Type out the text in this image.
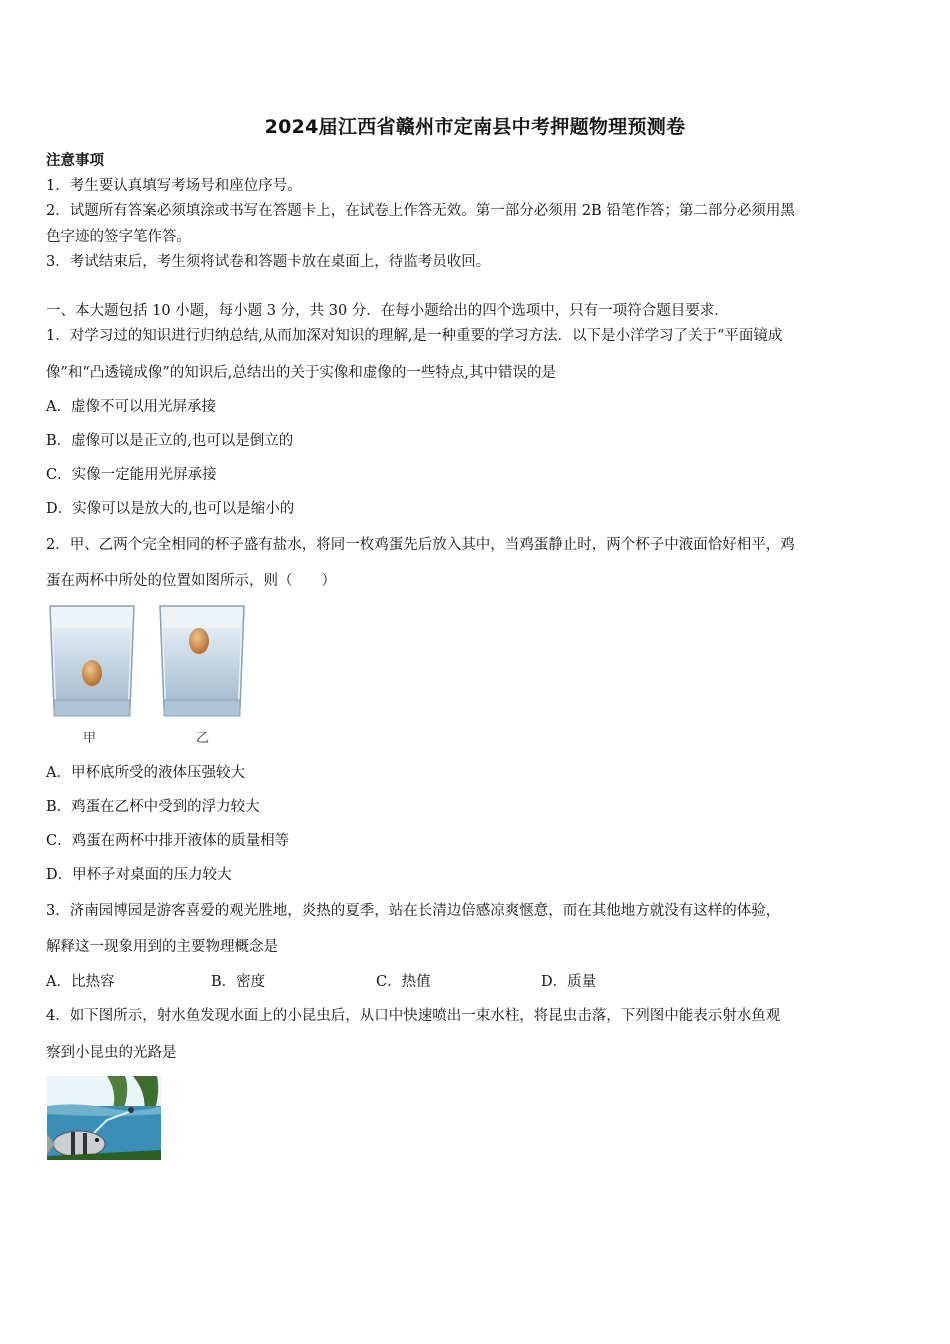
2024届江西省赣州市定南县中考押题物理预测卷
注意事项
1．考生要认真填写考场号和座位序号。
2．试题所有答案必须填涂或书写在答题卡上，在试卷上作答无效。第一部分必须用 2B 铅笔作答；第二部分必须用黑
色字迹的签字笔作答。
3．考试结束后，考生须将试卷和答题卡放在桌面上，待监考员收回。
一、本大题包括 10 小题，每小题 3 分，共 30 分．在每小题给出的四个选项中，只有一项符合题目要求．
1．对学习过的知识进行归纳总结,从而加深对知识的理解,是一种重要的学习方法．以下是小洋学习了关于“平面镜成
像”和“凸透镜成像”的知识后,总结出的关于实像和虚像的一些特点,其中错误的是
A．虚像不可以用光屏承接
B．虚像可以是正立的,也可以是倒立的
C．实像一定能用光屏承接
D．实像可以是放大的,也可以是缩小的
2．甲、乙两个完全相同的杯子盛有盐水，将同一枚鸡蛋先后放入其中，当鸡蛋静止时，两个杯子中液面恰好相平，鸡
蛋在两杯中所处的位置如图所示，则（　　）
甲	乙
A．甲杯底所受的液体压强较大
B．鸡蛋在乙杯中受到的浮力较大
C．鸡蛋在两杯中排开液体的质量相等
D．甲杯子对桌面的压力较大
3．济南园博园是游客喜爱的观光胜地，炎热的夏季，站在长清边倍感凉爽惬意，而在其他地方就没有这样的体验，
解释这一现象用到的主要物理概念是
A．比热容	B．密度	C．热值	D．质量
4．如下图所示，射水鱼发现水面上的小昆虫后，从口中快速喷出一束水柱，将昆虫击落，下列图中能表示射水鱼观
察到小昆虫的光路是
